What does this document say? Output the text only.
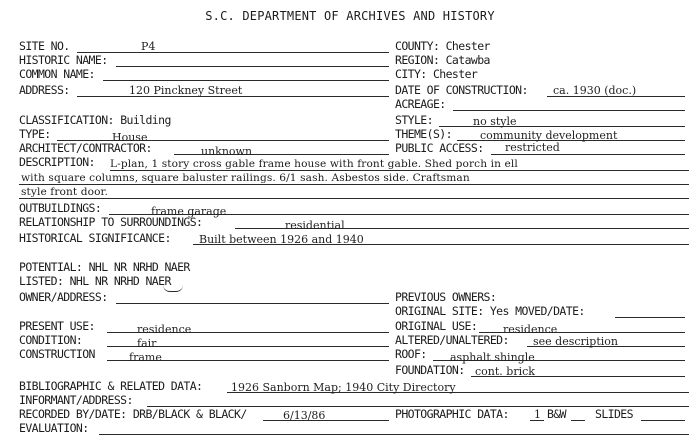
S.C. DEPARTMENT OF ARCHIVES AND HISTORY
SITE NO.	P4
HISTORIC NAME:
COMMON NAME:
ADDRESS:	120 Pinckney Street
CLASSIFICATION: Building
TYPE:	House
ARCHITECT/CONTRACTOR:	unknown
COUNTY: Chester
REGION: Catawba
CITY: Chester
DATE OF CONSTRUCTION: ca. 1930 (doc.)
ACREAGE:
STYLE:	no style
THEME(S):	community development
PUBLIC ACCESS: restricted
DESCRIPTION: L-plan, 1 story cross gable frame house with front gable. Shed porch in ell
with square columns, square baluster railings. 6/1 sash. Asbestos side. Craftsman
style front door.
OUTBUILDINGS:	frame garage
RELATIONSHIP TO SURROUNDINGS:	residential
HISTORICAL SIGNIFICANCE:	Built between 1926 and 1940
POTENTIAL: NHL NR NRHD NAER
LISTED: NHL NR NRHD NAER
OWNER/ADDRESS:	PREVIOUS OWNERS:
ORIGINAL SITE: Yes MOVED/DATE:
PRESENT USE:	residence	ORIGINAL USE: residence
CONDITION:	fair	ALTERED/UNALTERED: see description
CONSTRUCTION	frame	ROOF: asphalt shingle
FOUNDATION: cont. brick
BIBLIOGRAPHIC & RELATED DATA:	1926 Sanborn Map; 1940 City Directory
INFORMANT/ADDRESS:
RECORDED BY/DATE: DRB/BLACK & BLACK/	6/13/86	PHOTOGRAPHIC DATA: 1 B&W	SLIDES
EVALUATION:
